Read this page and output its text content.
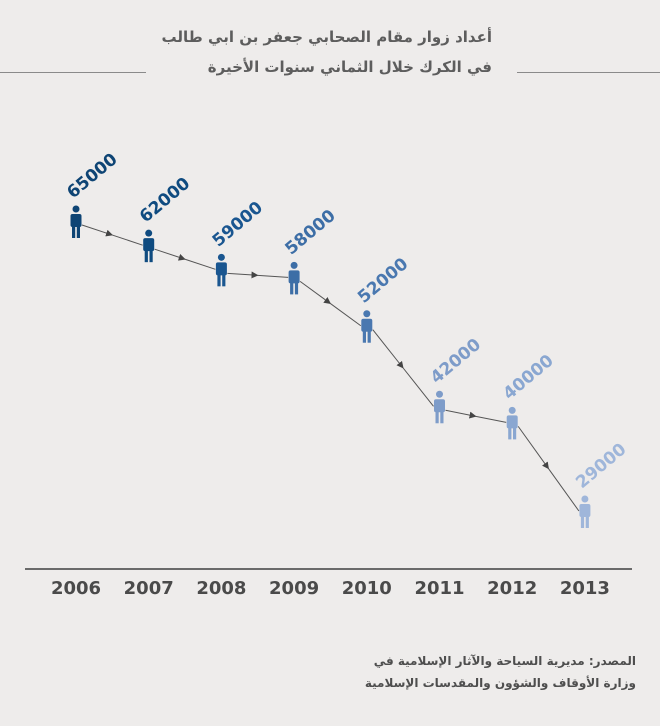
أعداد زوار مقام الصحابي جعفر بن ابي طالب
في الكرك خلال الثماني سنوات الأخيرة
65000 62000 59000 58000
52000
42000 40000
29000
2006 2007 2008 2009 2010 2011 2012 2013
المصدر: مديرية السياحة والآثار الإسلامية في
وزارة الأوقاف والشؤون والمقدسات الإسلامية
